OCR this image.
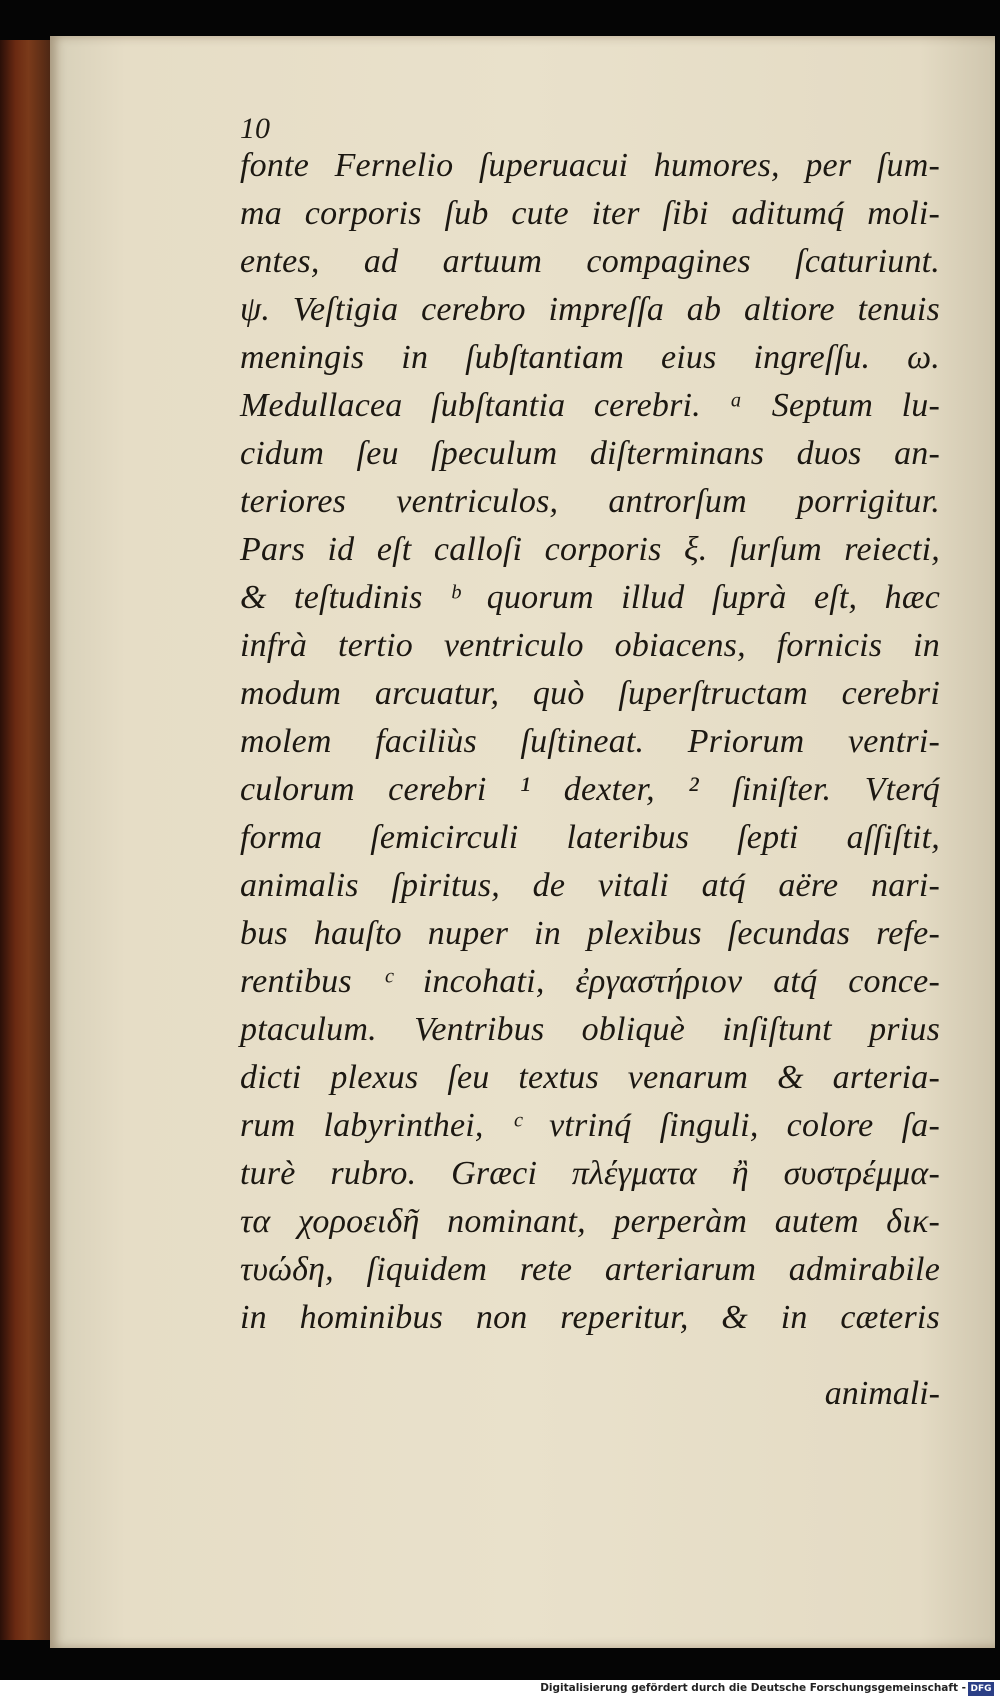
10
fonte Fernelio ſuperuacui humores, per ſum-
ma corporis ſub cute iter ſibi aditumq́ moli-
entes, ad artuum compagines ſcaturiunt.
ψ. Veſtigia cerebro impreſſa ab altiore tenuis
meningis in ſubſtantiam eius ingreſſu. ω.
Medullacea ſubſtantia cerebri. ᵃ Septum lu-
cidum ſeu ſpeculum diſterminans duos an-
teriores ventriculos, antrorſum porrigitur.
Pars id eſt calloſi corporis ξ. ſurſum reiecti,
& teſtudinis ᵇ quorum illud ſuprà eſt, hæc
infrà tertio ventriculo obiacens, fornicis in
modum arcuatur, quò ſuperſtructam cerebri
molem faciliùs ſuſtineat. Priorum ventri-
culorum cerebri ¹ dexter, ² ſiniſter. Vterq́
forma ſemicirculi lateribus ſepti aſſiſtit,
animalis ſpiritus, de vitali atq́ aëre nari-
bus hauſto nuper in plexibus ſecundas refe-
rentibus ᶜ incohati, ἐργαστήριον atq́ conce-
ptaculum. Ventribus obliquè inſiſtunt prius
dicti plexus ſeu textus venarum & arteria-
rum labyrinthei, ᶜ vtrinq́ ſinguli, colore ſa-
turè rubro. Græci πλέγματα ἢ συστρέμμα-
τα χοροειδῆ nominant, perperàm autem δικ-
τυώδη, ſiquidem rete arteriarum admirabile
in hominibus non reperitur, & in cæteris
animali-
Digitalisierung gefördert durch die Deutsche Forschungsgemeinschaft - DFG
